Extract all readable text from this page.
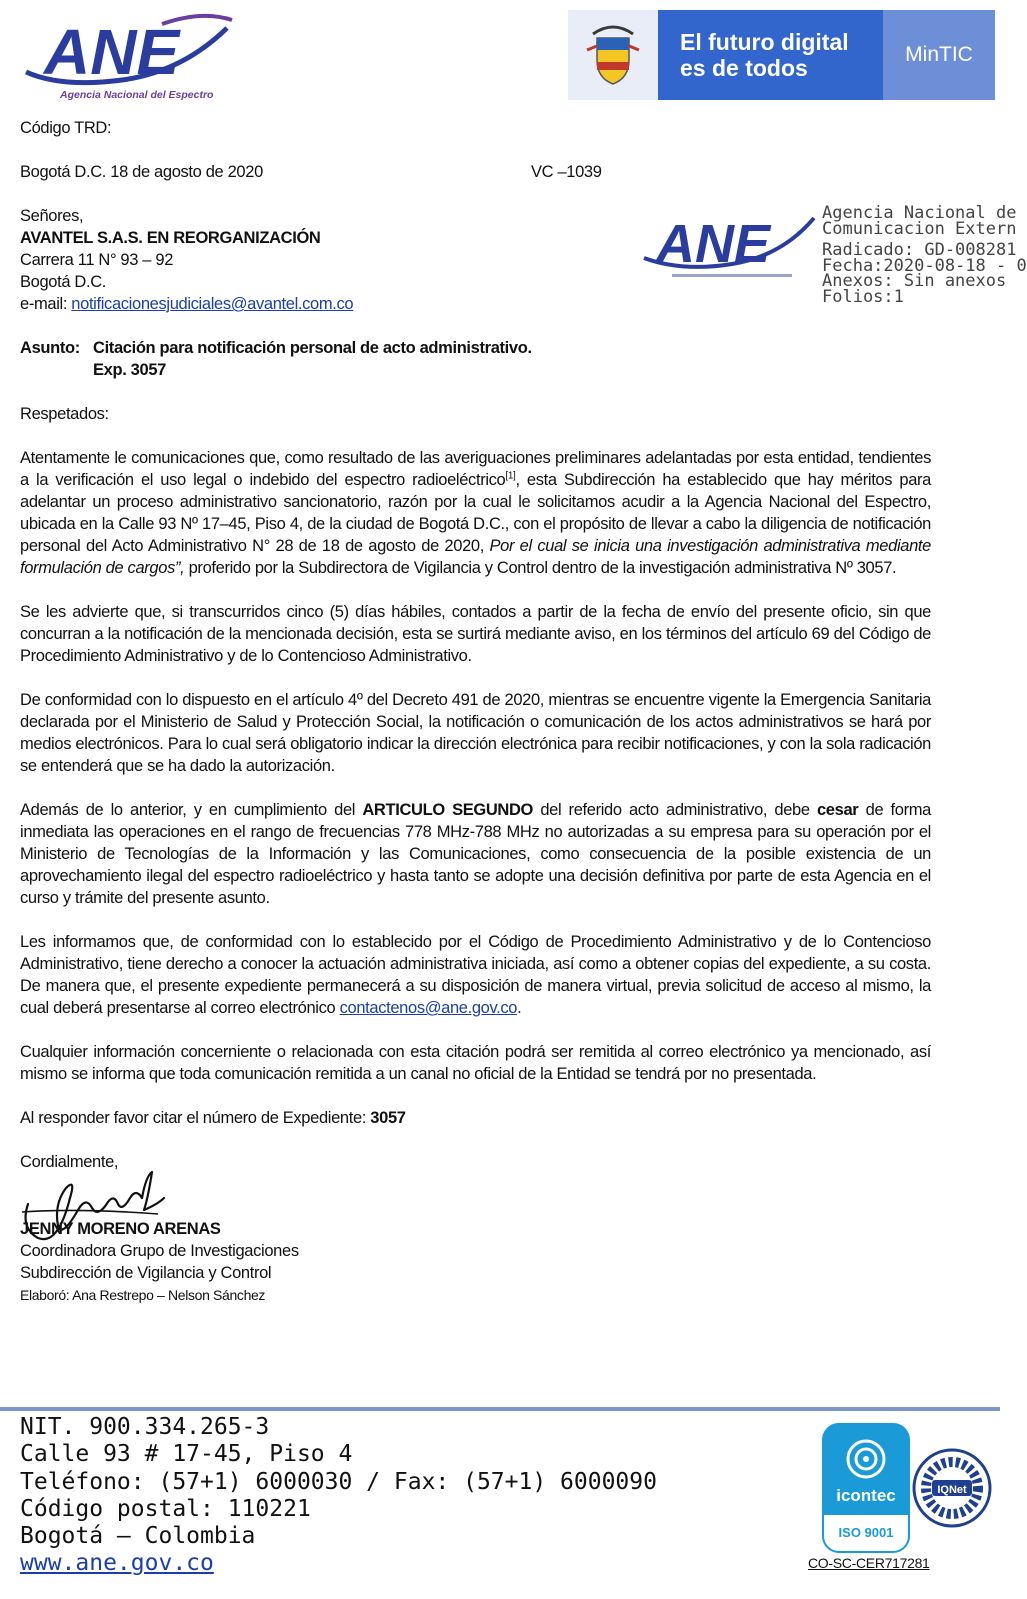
ANE
Agencia Nacional del Espectro
El futuro digital
es de todos
MinTIC
Código TRD:
Bogotá D.C. 18 de agosto de 2020	VC –1039
Señores,
AVANTEL S.A.S. EN REORGANIZACIÓN
Carrera 11 N° 93 – 92
Bogotá D.C.
e-mail: notificacionesjudiciales@avantel.com.co
ANE
Agencia Nacional de
Comunicacion Extern
Radicado: GD-008281
Fecha:2020-08-18 - 0
Anexos: Sin anexos
Folios:1
Asunto: Citación para notificación personal de acto administrativo.
Exp. 3057
Respetados:

Atentamente le comunicaciones que, como resultado de las averiguaciones preliminares adelantadas por esta entidad, tendientes a la verificación el uso legal o indebido del espectro radioeléctrico[1], esta Subdirección ha establecido que hay méritos para adelantar un proceso administrativo sancionatorio, razón por la cual le solicitamos acudir a la Agencia Nacional del Espectro, ubicada en la Calle 93 Nº 17–45, Piso 4, de la ciudad de Bogotá D.C., con el propósito de llevar a cabo la diligencia de notificación personal del Acto Administrativo N° 28 de 18 de agosto de 2020, Por el cual se inicia una investigación administrativa mediante formulación de cargos”, proferido por la Subdirectora de Vigilancia y Control dentro de la investigación administrativa Nº 3057.

Se les advierte que, si transcurridos cinco (5) días hábiles, contados a partir de la fecha de envío del presente oficio, sin que concurran a la notificación de la mencionada decisión, esta se surtirá mediante aviso, en los términos del artículo 69 del Código de Procedimiento Administrativo y de lo Contencioso Administrativo.

De conformidad con lo dispuesto en el artículo 4º del Decreto 491 de 2020, mientras se encuentre vigente la Emergencia Sanitaria declarada por el Ministerio de Salud y Protección Social, la notificación o comunicación de los actos administrativos se hará por medios electrónicos. Para lo cual será obligatorio indicar la dirección electrónica para recibir notificaciones, y con la sola radicación se entenderá que se ha dado la autorización.

Además de lo anterior, y en cumplimiento del ARTICULO SEGUNDO del referido acto administrativo, debe cesar de forma inmediata las operaciones en el rango de frecuencias 778 MHz-788 MHz no autorizadas a su empresa para su operación por el Ministerio de Tecnologías de la Información y las Comunicaciones, como consecuencia de la posible existencia de un aprovechamiento ilegal del espectro radioeléctrico y hasta tanto se adopte una decisión definitiva por parte de esta Agencia en el curso y trámite del presente asunto.

Les informamos que, de conformidad con lo establecido por el Código de Procedimiento Administrativo y de lo Contencioso Administrativo, tiene derecho a conocer la actuación administrativa iniciada, así como a obtener copias del expediente, a su costa. De manera que, el presente expediente permanecerá a su disposición de manera virtual, previa solicitud de acceso al mismo, la cual deberá presentarse al correo electrónico contactenos@ane.gov.co.

Cualquier información concerniente o relacionada con esta citación podrá ser remitida al correo electrónico ya mencionado, así mismo se informa que toda comunicación remitida a un canal no oficial de la Entidad se tendrá por no presentada.

Al responder favor citar el número de Expediente: 3057
Cordialmente,
JENNY MORENO ARENAS
Coordinadora Grupo de Investigaciones
Subdirección de Vigilancia y Control
Elaboró: Ana Restrepo – Nelson Sánchez
NIT. 900.334.265-3
Calle 93 # 17-45, Piso 4
Teléfono: (57+1) 6000030 / Fax: (57+1) 6000090
Código postal: 110221
Bogotá – Colombia
www.ane.gov.co
icontec
ISO 9001
IQNet
CO-SC-CER717281
